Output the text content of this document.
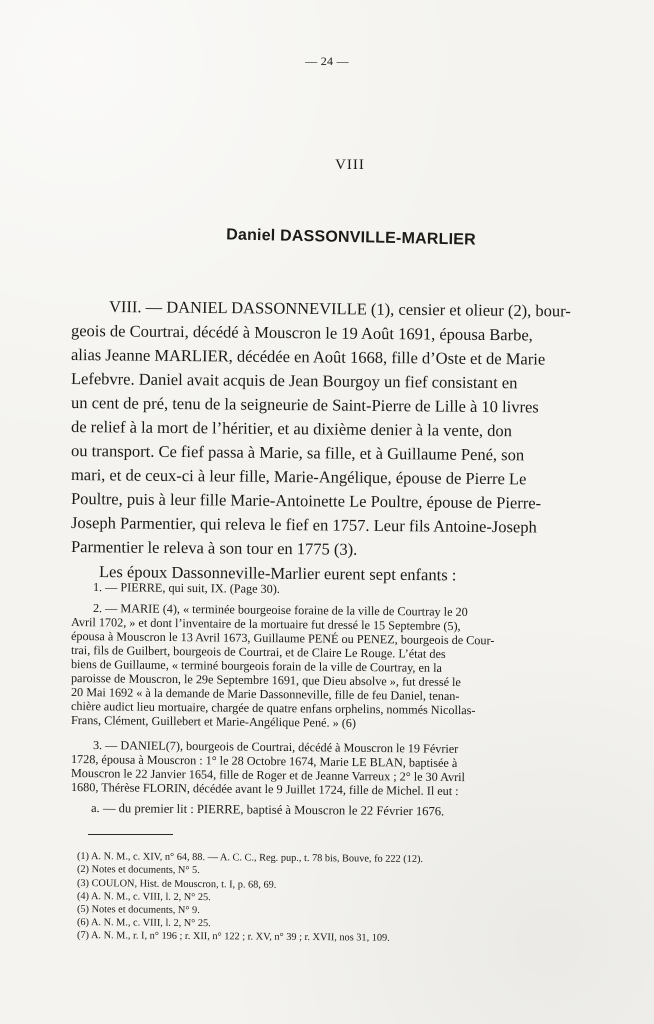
— 24 —
VIII
Daniel DASSONVILLE-MARLIER
VIII. — DANIEL DASSONNEVILLE (1), censier et olieur (2), bour-
geois de Courtrai, décédé à Mouscron le 19 Août 1691, épousa Barbe,
alias Jeanne MARLIER, décédée en Août 1668, fille d’Oste et de Marie
Lefebvre. Daniel avait acquis de Jean Bourgoy un fief consistant en
un cent de pré, tenu de la seigneurie de Saint-Pierre de Lille à 10 livres
de relief à la mort de l’héritier, et au dixième denier à la vente, don
ou transport. Ce fief passa à Marie, sa fille, et à Guillaume Pené, son
mari, et de ceux-ci à leur fille, Marie-Angélique, épouse de Pierre Le
Poultre, puis à leur fille Marie-Antoinette Le Poultre, épouse de Pierre-
Joseph Parmentier, qui releva le fief en 1757. Leur fils Antoine-Joseph
Parmentier le releva à son tour en 1775 (3).
Les époux Dassonneville-Marlier eurent sept enfants :
1. — PIERRE, qui suit, IX. (Page 30).
2. — MARIE (4), « terminée bourgeoise foraine de la ville de Courtray le 20
Avril 1702, » et dont l’inventaire de la mortuaire fut dressé le 15 Septembre (5),
épousa à Mouscron le 13 Avril 1673, Guillaume PENÉ ou PENEZ, bourgeois de Cour-
trai, fils de Guilbert, bourgeois de Courtrai, et de Claire Le Rouge. L’état des
biens de Guillaume, « terminé bourgeois forain de la ville de Courtray, en la
paroisse de Mouscron, le 29e Septembre 1691, que Dieu absolve », fut dressé le
20 Mai 1692 « à la demande de Marie Dassonneville, fille de feu Daniel, tenan-
chière audict lieu mortuaire, chargée de quatre enfans orphelins, nommés Nicollas-
Frans, Clément, Guillebert et Marie-Angélique Pené. » (6)
3. — DANIEL(7), bourgeois de Courtrai, décédé à Mouscron le 19 Février
1728, épousa à Mouscron : 1° le 28 Octobre 1674, Marie LE BLAN, baptisée à
Mouscron le 22 Janvier 1654, fille de Roger et de Jeanne Varreux ; 2° le 30 Avril
1680, Thérèse FLORIN, décédée avant le 9 Juillet 1724, fille de Michel. Il eut :
a. — du premier lit : PIERRE, baptisé à Mouscron le 22 Février 1676.
(1) A. N. M., c. XIV, n° 64, 88. — A. C. C., Reg. pup., t. 78 bis, Bouve, fo 222 (12).
(2) Notes et documents, N° 5.
(3) COULON, Hist. de Mouscron, t. I, p. 68, 69.
(4) A. N. M., c. VIII, l. 2, N° 25.
(5) Notes et documents, N° 9.
(6) A. N. M., c. VIII, l. 2, N° 25.
(7) A. N. M., r. I, n° 196 ; r. XII, n° 122 ; r. XV, n° 39 ; r. XVII, nos 31, 109.
